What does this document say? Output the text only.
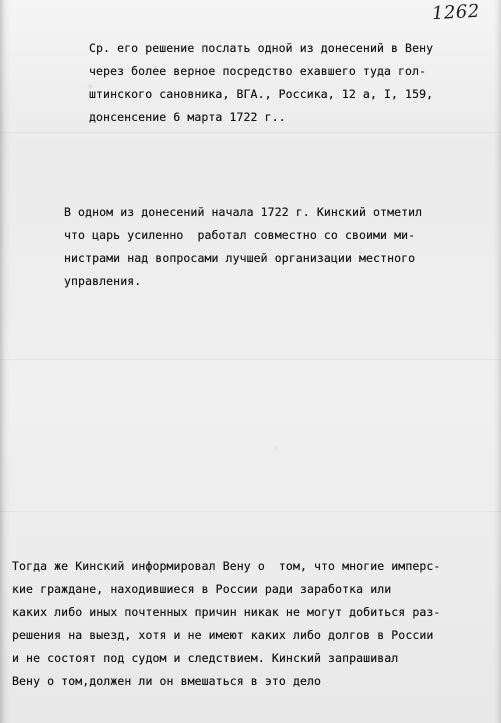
1262

Ср. его решение послать одной из донесений в Вену
через более верное посредство ехавшего туда гол-
штинского сановника, ВГА., Россика, 12 а, I, 159,
донсенсение 6 марта 1722 г..

В одном из донесений начала 1722 г. Кинский отметил
что царь усиленно  работал совместно со своими ми-
нистрами над вопросами лучшей организации местного
управления.

Тогда же Кинский информировал Вену о  том, что многие имперс-
кие граждане, находившиеся в России ради заработка или
каких либо иных почтенных причин никак не могут добиться раз-
решения на выезд, хотя и не имеют каких либо долгов в России
и не состоят под судом и следствием. Кинский запрашивал
Вену о том,должен ли он вмешаться в это дело
